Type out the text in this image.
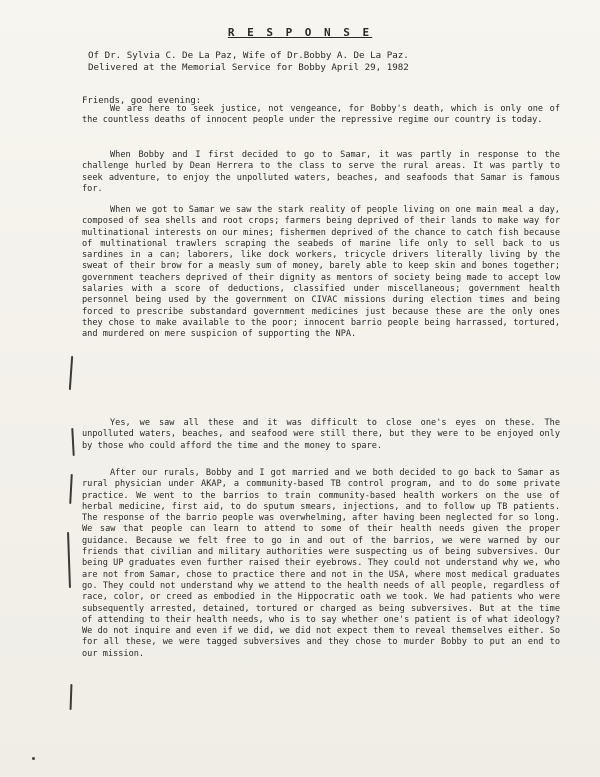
R E S P O N S E
Of Dr. Sylvia C. De La Paz, Wife of Dr.Bobby A. De La Paz.
Delivered at the Memorial Service for Bobby April 29, 1982
Friends, good evening:

We are here to seek justice, not vengeance, for Bobby's death, which is only one of the countless deaths of innocent people under the repressive regime our country is today.

When Bobby and I first decided to go to Samar, it was partly in response to the challenge hurled by Dean Herrera to the class to serve the rural areas. It was partly to seek adventure, to enjoy the unpolluted waters, beaches, and seafoods that Samar is famous for.

When we got to Samar we saw the stark reality of people living on one main meal a day, composed of sea shells and root crops; farmers being deprived of their lands to make way for multinational interests on our mines; fishermen deprived of the chance to catch fish because of multinational trawlers scraping the seabeds of marine life only to sell back to us sardines in a can; laborers, like dock workers, tricycle drivers literally living by the sweat of their brow for a measly sum of money, barely able to keep skin and bones together; government teachers deprived of their dignity as mentors of society being made to accept low salaries with a score of deductions, classified under miscellaneous; government health personnel being used by the government on CIVAC missions during election times and being forced to prescribe substandard government medicines just because these are the only ones they chose to make available to the poor; innocent barrio people being harrassed, tortured, and murdered on mere suspicion of supporting the NPA.

Yes, we saw all these and it was difficult to close one's eyes on these. The unpolluted waters, beaches, and seafood were still there, but they were to be enjoyed only by those who could afford the time and the money to spare.

After our rurals, Bobby and I got married and we both decided to go back to Samar as rural physician under AKAP, a community-based TB control program, and to do some private practice. We went to the barrios to train community-based health workers on the use of herbal medicine, first aid, to do sputum smears, injections, and to follow up TB patients. The response of the barrio people was overwhelming, after having been neglected for so long. We saw that people can learn to attend to some of their health needs given the proper guidance. Because we felt free to go in and out of the barrios, we were warned by our friends that civilian and military authorities were suspecting us of being subversives. Our being UP graduates even further raised their eyebrows. They could not understand why we, who are not from Samar, chose to practice there and not in the USA, where most medical graduates go. They could not understand why we attend to the health needs of all people, regardless of race, color, or creed as embodied in the Hippocratic oath we took. We had patients who were subsequently arrested, detained, tortured or charged as being subversives. But at the time of attending to their health needs, who is to say whether one's patient is of what ideology? We do not inquire and even if we did, we did not expect them to reveal themselves either. So for all these, we were tagged subversives and they chose to murder Bobby to put an end to our mission.
